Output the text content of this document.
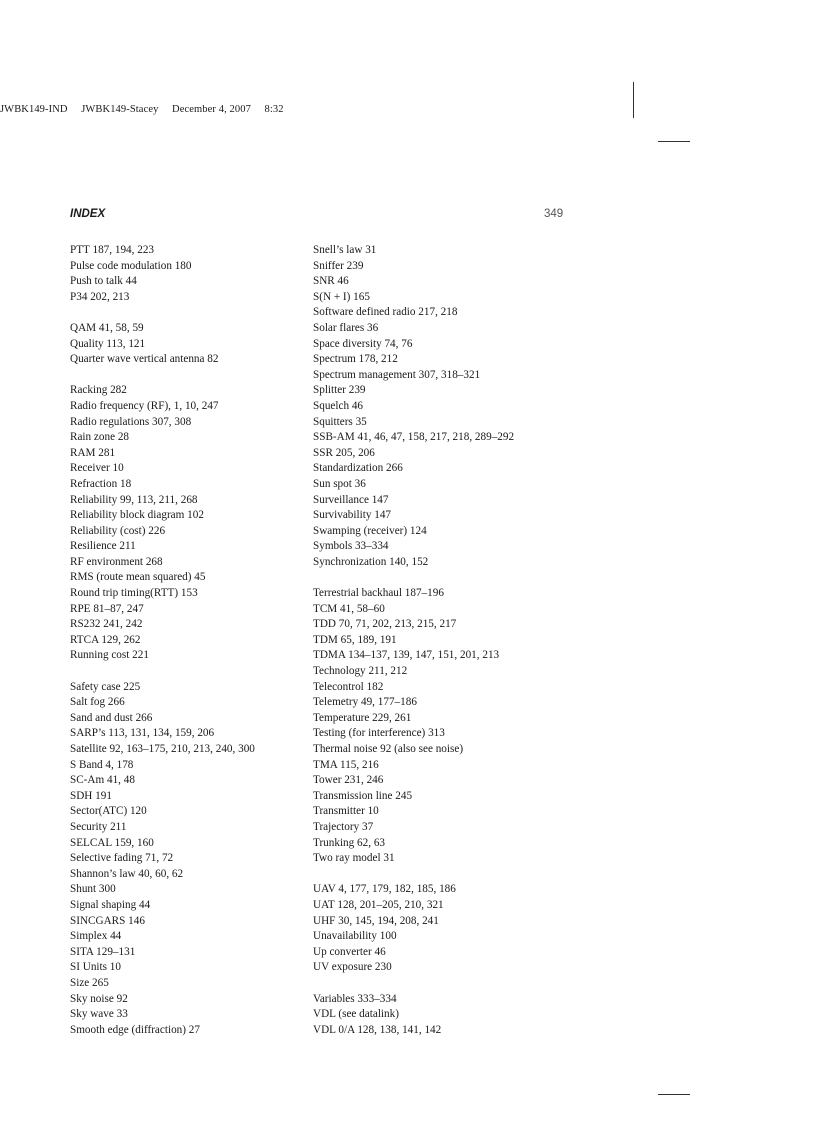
JWBK149-IND     JWBK149-Stacey     December 4, 2007     8:32
INDEX	349
PTT 187, 194, 223
Pulse code modulation 180
Push to talk 44
P34 202, 213
QAM 41, 58, 59
Quality 113, 121
Quarter wave vertical antenna 82
Racking 282
Radio frequency (RF), 1, 10, 247
Radio regulations 307, 308
Rain zone 28
RAM 281
Receiver 10
Refraction 18
Reliability 99, 113, 211, 268
Reliability block diagram 102
Reliability (cost) 226
Resilience 211
RF environment 268
RMS (route mean squared) 45
Round trip timing(RTT) 153
RPE 81–87, 247
RS232 241, 242
RTCA 129, 262
Running cost 221
Safety case 225
Salt fog 266
Sand and dust 266
SARP’s 113, 131, 134, 159, 206
Satellite 92, 163–175, 210, 213, 240, 300
S Band 4, 178
SC-Am 41, 48
SDH 191
Sector(ATC) 120
Security 211
SELCAL 159, 160
Selective fading 71, 72
Shannon’s law 40, 60, 62
Shunt 300
Signal shaping 44
SINCGARS 146
Simplex 44
SITA 129–131
SI Units 10
Size 265
Sky noise 92
Sky wave 33
Smooth edge (diffraction) 27
Snell’s law 31
Sniffer 239
SNR 46
S(N + I) 165
Software defined radio 217, 218
Solar flares 36
Space diversity 74, 76
Spectrum 178, 212
Spectrum management 307, 318–321
Splitter 239
Squelch 46
Squitters 35
SSB-AM 41, 46, 47, 158, 217, 218, 289–292
SSR 205, 206
Standardization 266
Sun spot 36
Surveillance 147
Survivability 147
Swamping (receiver) 124
Symbols 33–334
Synchronization 140, 152
Terrestrial backhaul 187–196
TCM 41, 58–60
TDD 70, 71, 202, 213, 215, 217
TDM 65, 189, 191
TDMA 134–137, 139, 147, 151, 201, 213
Technology 211, 212
Telecontrol 182
Telemetry 49, 177–186
Temperature 229, 261
Testing (for interference) 313
Thermal noise 92 (also see noise)
TMA 115, 216
Tower 231, 246
Transmission line 245
Transmitter 10
Trajectory 37
Trunking 62, 63
Two ray model 31
UAV 4, 177, 179, 182, 185, 186
UAT 128, 201–205, 210, 321
UHF 30, 145, 194, 208, 241
Unavailability 100
Up converter 46
UV exposure 230
Variables 333–334
VDL (see datalink)
VDL 0/A 128, 138, 141, 142
